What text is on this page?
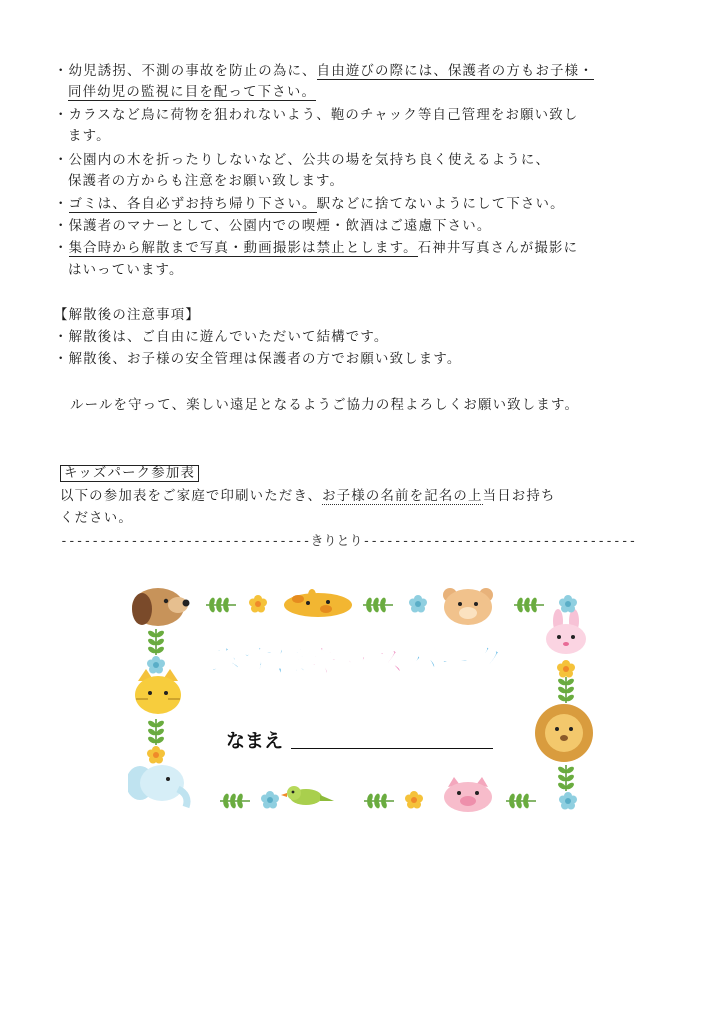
・幼児誘拐、不測の事故を防止の為に、自由遊びの際には、保護者の方もお子様・
同伴幼児の監視に目を配って下さい。
・カラスなど鳥に荷物を狙われないよう、鞄のチャック等自己管理をお願い致し
ます。
・公園内の木を折ったりしないなど、公共の場を気持ち良く使えるように、
保護者の方からも注意をお願い致します。
・ゴミは、各自必ずお持ち帰り下さい。駅などに捨てないようにして下さい。
・保護者のマナーとして、公園内での喫煙・飲酒はご遠慮下さい。
・集合時から解散まで写真・動画撮影は禁止とします。石神井写真さんが撮影に
はいっています。
【解散後の注意事項】
・解散後は、ご自由に遊んでいただいて結構です。
・解散後、お子様の安全管理は保護者の方でお願い致します。
ルールを守って、楽しい遠足となるようご協力の程よろしくお願い致します。
キッズパーク参加表
以下の参加表をご家庭で印刷いただき、お子様の名前を記名の上当日お持ち
ください。
--------------------------------きりとり-----------------------------------
みずほキッズパーク
なまえ
